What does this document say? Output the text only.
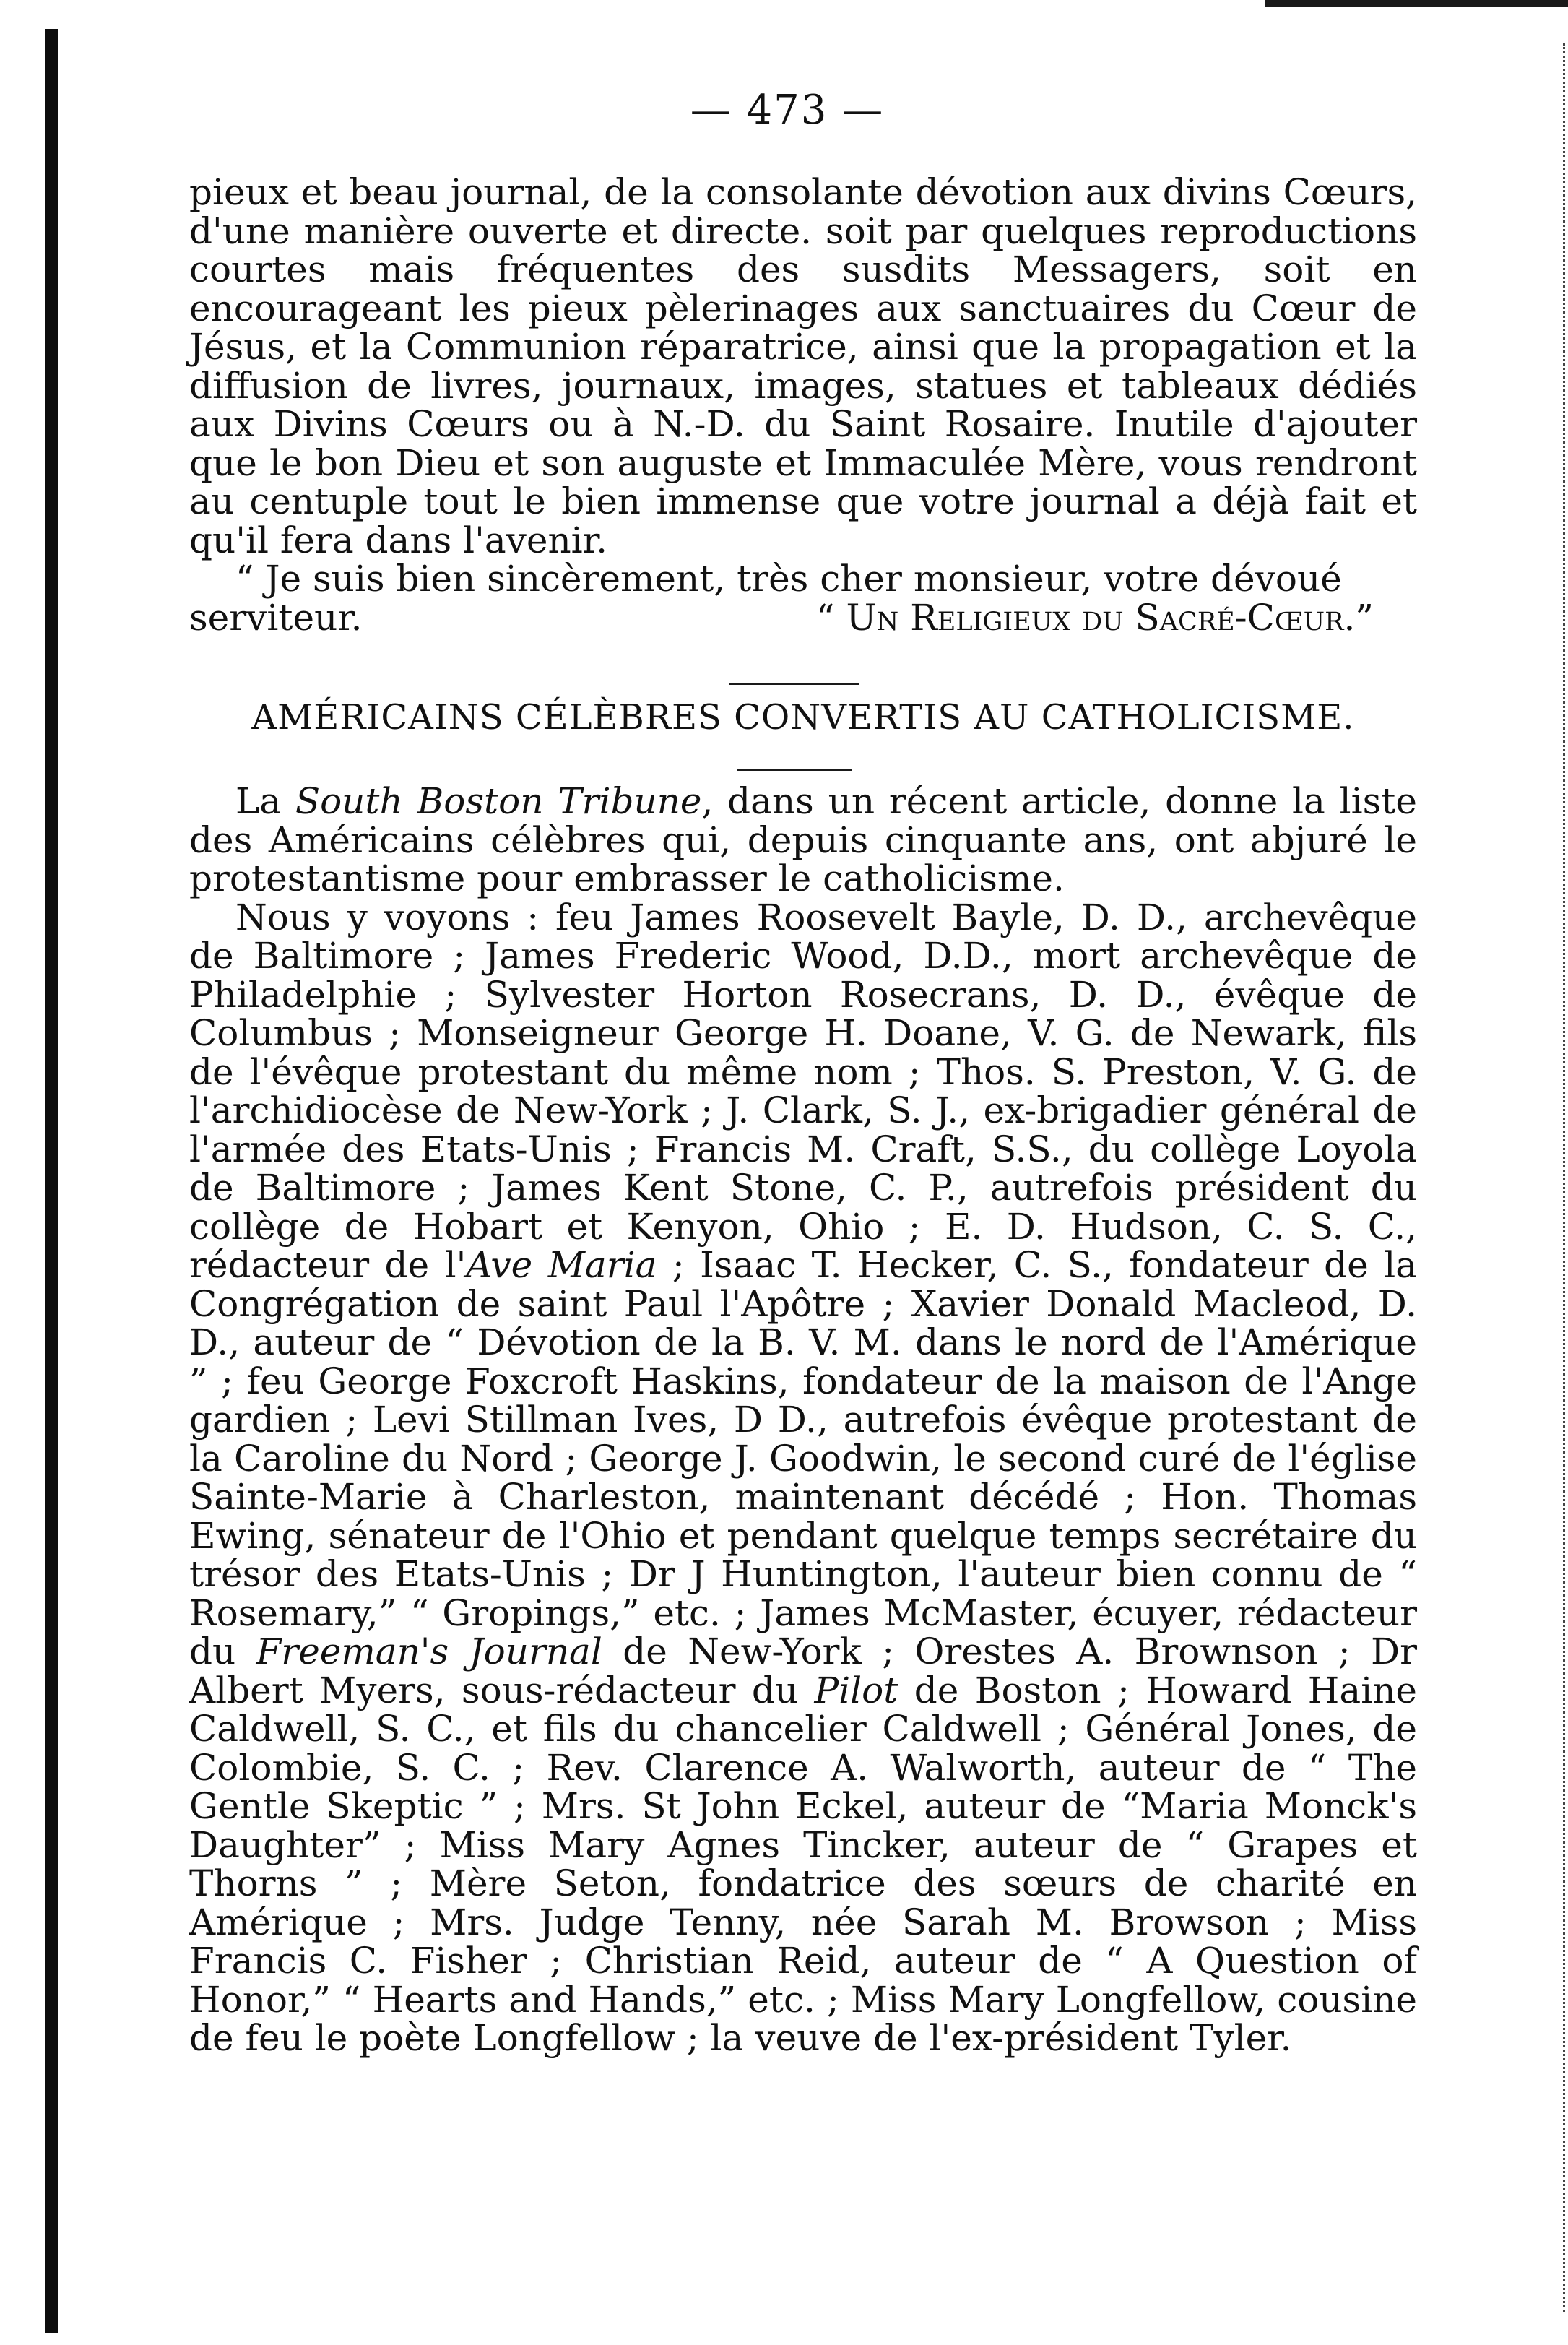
— 473 —

pieux et beau journal, de la consolante dévotion aux divins Cœurs, d'une manière ouverte et directe. soit par quelques reproductions courtes mais fréquentes des susdits Messagers, soit en encourageant les pieux pèlerinages aux sanctuaires du Cœur de Jésus, et la Communion réparatrice, ainsi que la propagation et la diffusion de livres, journaux, images, statues et tableaux dédiés aux Divins Cœurs ou à N.-D. du Saint Rosaire. Inutile d'ajouter que le bon Dieu et son auguste et Immaculée Mère, vous rendront au centuple tout le bien immense que votre journal a déjà fait et qu'il fera dans l'avenir.

“ Je suis bien sincèrement, très cher monsieur, votre dévoué

serviteur.	“ Un Religieux du Sacré-Cœur.”

AMÉRICAINS CÉLÈBRES CONVERTIS AU CATHOLICISME.

La South Boston Tribune, dans un récent article, donne la liste des Américains célèbres qui, depuis cinquante ans, ont abjuré le protestantisme pour embrasser le catholicisme.

Nous y voyons : feu James Roosevelt Bayle, D. D., archevêque de Baltimore ; James Frederic Wood, D.D., mort archevêque de Philadelphie ; Sylvester Horton Rosecrans, D. D., évêque de Columbus ; Monseigneur George H. Doane, V. G. de Newark, fils de l'évêque protestant du même nom ; Thos. S. Preston, V. G. de l'archidiocèse de New-York ; J. Clark, S. J., ex-brigadier général de l'armée des Etats-Unis ; Francis M. Craft, S.S., du collège Loyola de Baltimore ; James Kent Stone, C. P., autrefois président du collège de Hobart et Kenyon, Ohio ; E. D. Hudson, C. S. C., rédacteur de l'Ave Maria ; Isaac T. Hecker, C. S., fondateur de la Congrégation de saint Paul l'Apôtre ; Xavier Donald Macleod, D. D., auteur de “ Dévotion de la B. V. M. dans le nord de l'Amérique ” ; feu George Foxcroft Haskins, fondateur de la maison de l'Ange gardien ; Levi Stillman Ives, D D., autrefois évêque protestant de la Caroline du Nord ; George J. Goodwin, le second curé de l'église Sainte-Marie à Charleston, maintenant décédé ; Hon. Thomas Ewing, sénateur de l'Ohio et pendant quelque temps secrétaire du trésor des Etats-Unis ; Dr J Huntington, l'auteur bien connu de “ Rosemary,” “ Gropings,” etc. ; James McMaster, écuyer, rédacteur du Freeman's Journal de New-York ; Orestes A. Brownson ; Dr Albert Myers, sous-rédacteur du Pilot de Boston ; Howard Haine Caldwell, S. C., et fils du chancelier Caldwell ; Général Jones, de Colombie, S. C. ; Rev. Clarence A. Walworth, auteur de “ The Gentle Skeptic ” ; Mrs. St John Eckel, auteur de “Maria Monck's Daughter” ; Miss Mary Agnes Tincker, auteur de “ Grapes et Thorns ” ; Mère Seton, fondatrice des sœurs de charité en Amérique ; Mrs. Judge Tenny, née Sarah M. Browson ; Miss Francis C. Fisher ; Christian Reid, auteur de “ A Question of Honor,” “ Hearts and Hands,” etc. ; Miss Mary Longfellow, cousine de feu le poète Longfellow ; la veuve de l'ex-président Tyler.
